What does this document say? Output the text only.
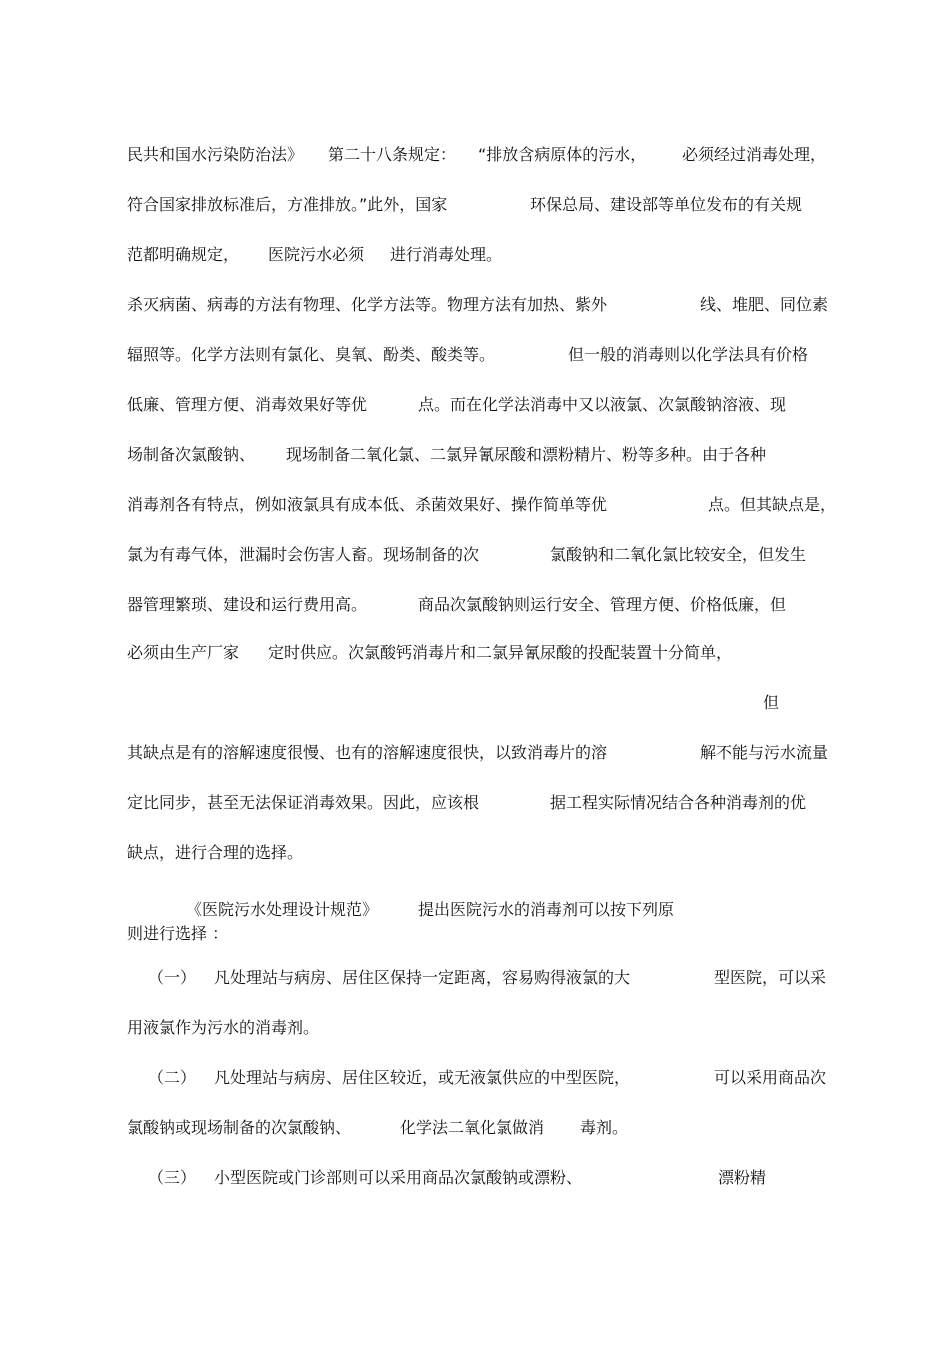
民共和国水污染防治法》 第二十八条规定： “排放含病原体的污水， 必须经过消毒处理，
符合国家排放标准后，方准排放。”此外，国家	环保总局、建设部等单位发布的有关规
范都明确规定， 医院污水必须 进行消毒处理。
杀灭病菌、病毒的方法有物理、化学方法等。物理方法有加热、紫外	线、堆肥、同位素
辐照等。化学方法则有氯化、臭氧、酚类、酸类等。	但一般的消毒则以化学法具有价格
低廉、管理方便、消毒效果好等优	点。而在化学法消毒中又以液氯、次氯酸钠溶液、现
场制备次氯酸钠、 现场制备二氧化氯、二氯异氰尿酸和漂粉精片、粉等多种。由于各种
消毒剂各有特点，例如液氯具有成本低、杀菌效果好、操作简单等优	点。但其缺点是，
氯为有毒气体，泄漏时会伤害人畜。现场制备的次	氯酸钠和二氧化氯比较安全，但发生
器管理繁琐、建设和运行费用高。	商品次氯酸钠则运行安全、管理方便、价格低廉，但
必须由生产厂家 定时供应。次氯酸钙消毒片和二氯异氰尿酸的投配装置十分简单，
但
其缺点是有的溶解速度很慢、也有的溶解速度很快，以致消毒片的溶	解不能与污水流量
定比同步，甚至无法保证消毒效果。因此，应该根	据工程实际情况结合各种消毒剂的优
缺点，进行合理的选择。
《医院污水处理设计规范》 提出医院污水的消毒剂可以按下列原
则进行选择 ：
（一） 凡处理站与病房、居住区保持一定距离，容易购得液氯的大	型医院，可以采
用液氯作为污水的消毒剂。
（二） 凡处理站与病房、居住区较近，或无液氯供应的中型医院，	可以采用商品次
氯酸钠或现场制备的次氯酸钠、	化学法二氧化氯做消 毒剂。
（三） 小型医院或门诊部则可以采用商品次氯酸钠或漂粉、	漂粉精
